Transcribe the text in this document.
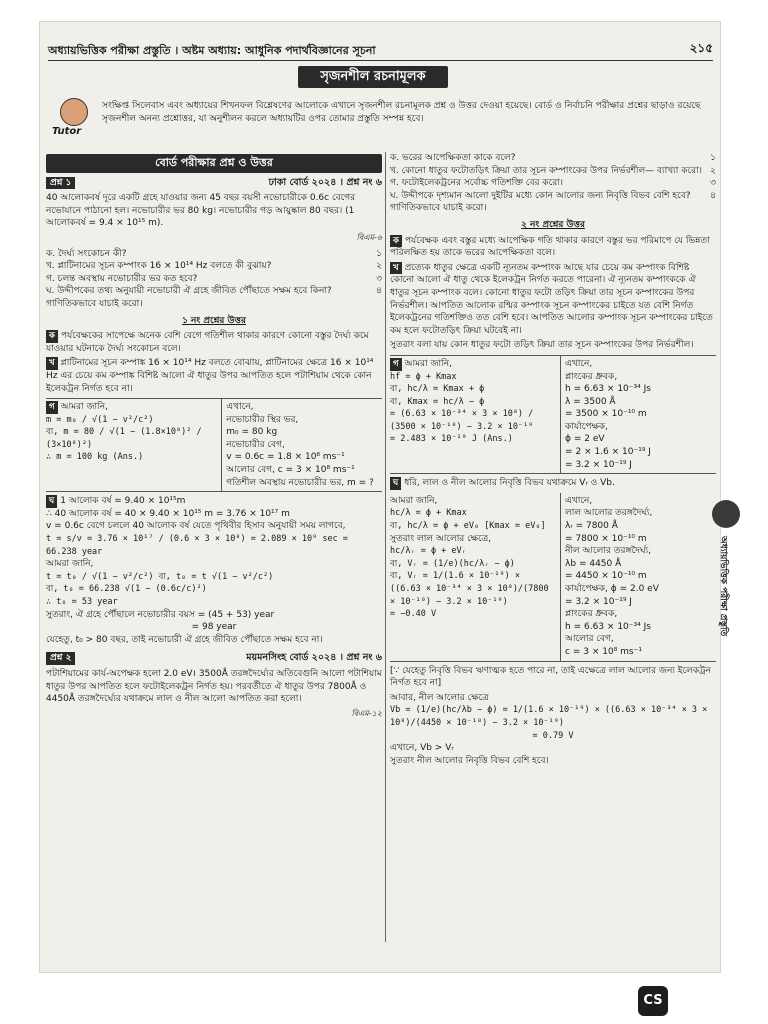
অধ্যায়ভিত্তিক পরীক্ষা প্রস্তুতি । অষ্টম অধ্যায়: আধুনিক পদার্থবিজ্ঞানের সূচনা	২১৫
সৃজনশীল রচনামূলক
Tutor
সংক্ষিপ্ত সিলেবাস এবং অধ্যায়ের শিখনফল বিশ্লেষণের আলোকে এখানে সৃজনশীল রচনামূলক প্রশ্ন ও উত্তর দেওয়া হয়েছে। বোর্ড ও নির্বাচনি পরীক্ষার প্রশ্নের ছাড়াও রয়েছে সৃজনশীল অনন্য প্রশ্নোত্তর, যা অনুশীলন করলে অধ্যায়টির ওপর তোমার প্রস্তুতি সম্পন্ন হবে।
বোর্ড পরীক্ষার প্রশ্ন ও উত্তর
প্রশ্ন ১	ঢাকা বোর্ড ২০২৪ । প্রশ্ন নং ৬

40 আলোকবর্ষ দূরে একটি গ্রহে যাওয়ার জন্য 45 বছর বয়সী নভোচারীকে 0.6c বেগের নভোযানে পাঠানো হল। নভোচারীর ভর 80 kg। নভোচারীর গড় আয়ুষ্কাল 80 বছর। (1 আলোকবর্ষ = 9.4 × 10¹⁵ m).

বিএম-৬
ক. দৈর্ঘ্য সংকোচন কী?	১
খ. প্লাটিনামের সূচন কম্পাংক 16 × 10¹⁴ Hz বলতে কী বুঝায়?	২
গ. চলন্ত অবস্থায় নভোচারীর ভর কত হবে?	৩
ঘ. উদ্দীপকের তথ্য অনুযায়ী নভোচারী ঐ গ্রহে জীবিত পৌঁছাতে সক্ষম হবে কিনা? গাণিতিকভাবে যাচাই করো।
৪
১ নং প্রশ্নের উত্তর

ক পর্যবেক্ষকের সাপেক্ষে অনেক বেশি বেগে গতিশীল থাকার কারণে কোনো বস্তুর দৈর্ঘ্য কমে যাওয়ার ঘটনাকে দৈর্ঘ্য সংকোচন বলে।

খ প্লাটিনামের সূচন কম্পাঙ্ক 16 × 10¹⁴ Hz বলতে বোঝায়, প্লাটিনামের ক্ষেত্রে 16 × 10¹⁴ Hz এর চেয়ে কম কম্পাঙ্ক বিশিষ্ট আলো ঐ ধাতুর উপর আপতিত হলে পটাশিয়াম থেকে কোন ইলেকট্রন নির্গত হবে না।

গ আমরা জানি,
m = m₀ / √(1 − v²/c²)
বা, m = 80 / √(1 − (1.8×10⁸)² / (3×10⁸)²)
∴ m = 100 kg (Ans.)
এখানে,
নভোচারীর স্থির ভর,
m₀ = 80 kg
নভোচারীর বেগ,
v = 0.6c = 1.8 × 10⁸ ms⁻¹
আলোর বেগ, c = 3 × 10⁸ ms⁻¹
গতিশীল অবস্থায় নভোচারীর ভর, m = ?
ঘ 1 আলোক বর্ষ = 9.40 × 10¹⁵m
∴ 40 আলোক বর্ষ = 40 × 9.40 × 10¹⁵ m = 3.76 × 10¹⁷ m
v = 0.6c বেগে চললে 40 আলোক বর্ষ যেতে পৃথিবীর হিসাব অনুযায়ী সময় লাগবে,
t = s/v = 3.76 × 10¹⁷ / (0.6 × 3 × 10⁸) = 2.089 × 10⁹ sec = 66.238 year
আমরা জানি,
t = t₀ / √(1 − v²/c²) বা, t₀ = t √(1 − v²/c²)
বা, t₀ = 66.238 √(1 − (0.6c/c)²)
∴ t₀ = 53 year
সুতরাং, ঐ গ্রহে পৌঁছালে নভোচারীর বয়স = (45 + 53) year
= 98 year
যেহেতু, t₀ > 80 বছর, তাই নভোচারী ঐ গ্রহে জীবিত পৌঁছাতে সক্ষম হবে না।
প্রশ্ন ২	ময়মনসিংহ বোর্ড ২০২৪ । প্রশ্ন নং ৬

পটাশিয়ামের কার্য-অপেক্ষক হলো 2.0 eV। 3500Å তরঙ্গদৈর্ঘ্যের অতিবেগুনি আলো পটাশিয়াম ধাতুর উপর আপতিত হলে ফটোইলেকট্রন নির্গত হয়। পরবর্তীতে ঐ ধাতুর উপর 7800Å ও 4450Å তরঙ্গদৈর্ঘ্যের যথাক্রমে লাল ও নীল আলো আপতিত করা হলো।

বিএম-১২
ক. ভরের আপেক্ষিকতা কাকে বলে?	১
খ. কোনো ধাতুর ফটোতড়িৎ ক্রিয়া তার সূচন কম্পাংকের উপর নির্ভরশীল— ব্যাখ্যা করো। ২
গ. ফটোইলেকট্রনের সর্বোচ্চ গতিশক্তি বের করো।	৩
ঘ. উদ্দীপকে দৃশ্যমান আলো দুইটির মধ্যে কোন আলোর জন্য নিবৃত্তি বিভব বেশি হবে? গাণিতিকভাবে যাচাই করো।
৪
২ নং প্রশ্নের উত্তর

ক পর্যবেক্ষক এবং বস্তুর মধ্যে আপেক্ষিক গতি থাকার কারণে বস্তুর ভর পরিমাপে যে ভিন্নতা পরিলক্ষিত হয় তাকে ভরের আপেক্ষিকতা বলে।

খ প্রত্যেক ধাতুর ক্ষেত্রে একটি ন্যূনতম কম্পাংক আছে যার চেয়ে কম কম্পাংক বিশিষ্ট কোনো আলো ঐ ধাতু থেকে ইলেকট্রন নির্গত করতে পারেনা। ঐ ন্যূনতম কম্পাংককে ঐ ধাতুর সূচন কম্পাংক বলে। কোনো ধাতুর ফটো তড়িৎ ক্রিয়া তার সূচন কম্পাংকের উপর নির্ভরশীল। আপতিত আলোক রশ্মির কম্পাংক সূচন কম্পাংকের চাইতে যত বেশি নির্গত ইলেকট্রনের গতিশক্তিও তত বেশি হবে। আপতিত আলোর কম্পাংক সূচন কম্পাংকের চাইতে কম হলে ফটোতড়িৎ ক্রিয়া ঘটবেই না।

সুতরাং বলা যায় কোন ধাতুর ফটো তড়িৎ ক্রিয়া তার সূচন কম্পাংকের উপর নির্ভরশীল।

গ আমরা জানি,
hf = ϕ + Kmax
বা, hc/λ = Kmax + ϕ
বা, Kmax = hc/λ − ϕ
= (6.63 × 10⁻³⁴ × 3 × 10⁸) / (3500 × 10⁻¹⁰) − 3.2 × 10⁻¹⁹
= 2.483 × 10⁻¹⁹ J (Ans.)
এখানে,
প্লাংকের ধ্রুবক,
h = 6.63 × 10⁻³⁴ Js
λ = 3500 Å
= 3500 × 10⁻¹⁰ m
কার্যাপেক্ষক,
ϕ = 2 eV
= 2 × 1.6 × 10⁻¹⁹ J
= 3.2 × 10⁻¹⁹ J

ঘ ধরি, লাল ও নীল আলোর নিবৃত্তি বিভব যথাক্রমে Vᵣ ও Vb.

আমরা জানি,
hc/λ = ϕ + Kmax
বা, hc/λ = ϕ + eV₀ [Kmax = eV₀]
সুতরাং লাল আলোর ক্ষেত্রে,
hc/λᵣ = ϕ + eVᵣ
বা, Vᵣ = (1/e)(hc/λᵣ − ϕ)
বা, Vᵣ = 1/(1.6 × 10⁻¹⁹) ×
((6.63 × 10⁻³⁴ × 3 × 10⁸)/(7800 × 10⁻¹⁰) − 3.2 × 10⁻¹⁹)
= −0.40 V
এখানে,
লাল আলোর তরঙ্গদৈর্ঘ্য,
λᵣ = 7800 Å
= 7800 × 10⁻¹⁰ m
নীল আলোর তরঙ্গদৈর্ঘ্য,
λb = 4450 Å
= 4450 × 10⁻¹⁰ m
কার্যাপেক্ষক, ϕ = 2.0 eV
= 3.2 × 10⁻¹⁹ J
প্লাংকের ধ্রুবক,
h = 6.63 × 10⁻³⁴ Js
আলোর বেগ,
c = 3 × 10⁸ ms⁻¹

[∵ যেহেতু নিবৃত্তি বিভব ঋণাত্মক হতে পারে না, তাই এক্ষেত্রে লাল আলোর জন্য ইলেকট্রন নির্গত হবে না]

আবার, নীল আলোর ক্ষেত্রে
Vb = (1/e)(hc/λb − ϕ) = 1/(1.6 × 10⁻¹⁹) × ((6.63 × 10⁻³⁴ × 3 × 10⁸)/(4450 × 10⁻¹⁰) − 3.2 × 10⁻¹⁹)
= 0.79 V
এখানে, Vb > Vᵣ
সুতরাং নীল আলোর নিবৃত্তি বিভব বেশি হবে।
অধ্যায়ভিত্তিক পরীক্ষা প্রস্তুতি
CS
